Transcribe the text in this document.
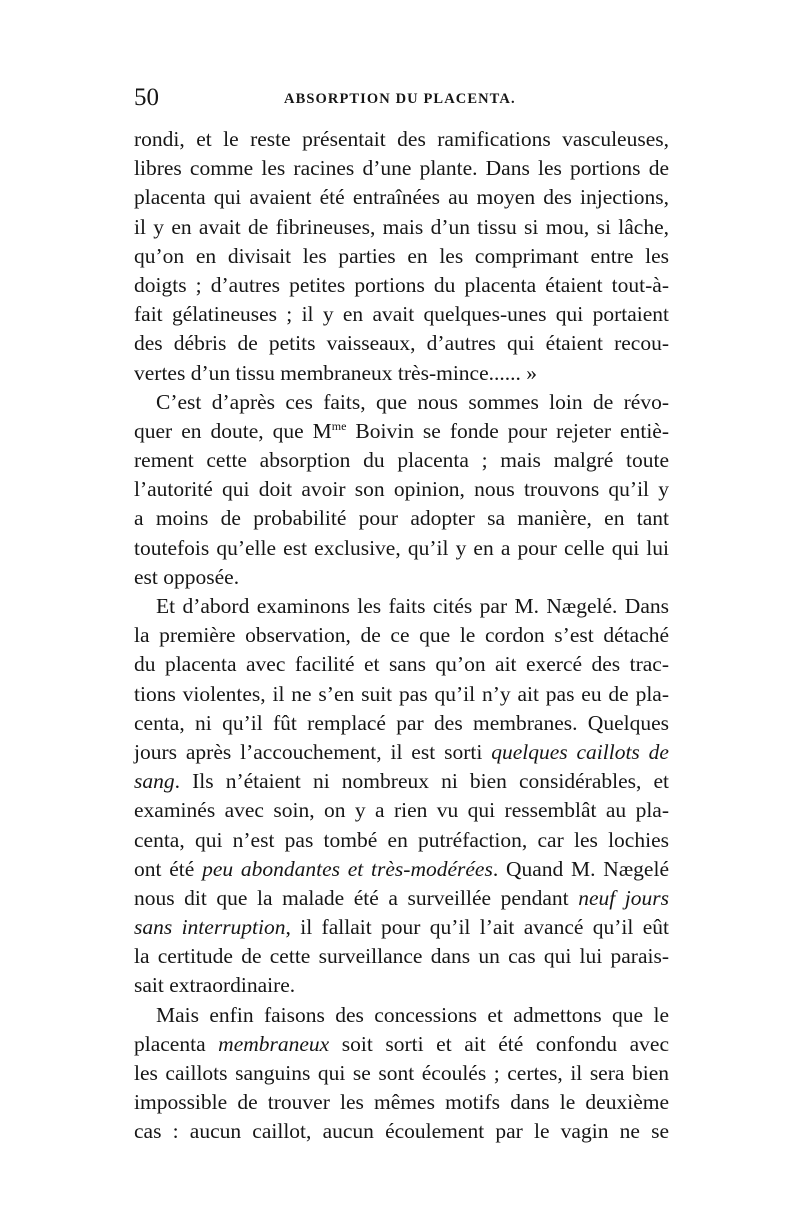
50	ABSORPTION DU PLACENTA.
rondi, et le reste présentait des ramifications vasculeuses,
libres comme les racines d’une plante. Dans les portions de
placenta qui avaient été entraînées au moyen des injections,
il y en avait de fibrineuses, mais d’un tissu si mou, si lâche,
qu’on en divisait les parties en les comprimant entre les
doigts ; d’autres petites portions du placenta étaient tout-à-
fait gélatineuses ; il y en avait quelques-unes qui portaient
des débris de petits vaisseaux, d’autres qui étaient recou-
vertes d’un tissu membraneux très-mince...... »
C’est d’après ces faits, que nous sommes loin de révo-
quer en doute, que $M^{me}$ Boivin se fonde pour rejeter entiè-
rement cette absorption du placenta ; mais malgré toute
l’autorité qui doit avoir son opinion, nous trouvons qu’il y
a moins de probabilité pour adopter sa manière, en tant
toutefois qu’elle est exclusive, qu’il y en a pour celle qui lui
est opposée.
Et d’abord examinons les faits cités par M. Nægelé. Dans
la première observation, de ce que le cordon s’est détaché
du placenta avec facilité et sans qu’on ait exercé des trac-
tions violentes, il ne s’en suit pas qu’il n’y ait pas eu de pla-
centa, ni qu’il fût remplacé par des membranes. Quelques
jours après l’accouchement, il est sorti quelques caillots de
sang. Ils n’étaient ni nombreux ni bien considérables, et
examinés avec soin, on y a rien vu qui ressemblât au pla-
centa, qui n’est pas tombé en putréfaction, car les lochies
ont été peu abondantes et très-modérées. Quand M. Nægelé
nous dit que la malade été a surveillée pendant neuf jours
sans interruption, il fallait pour qu’il l’ait avancé qu’il eût
la certitude de cette surveillance dans un cas qui lui parais-
sait extraordinaire.
Mais enfin faisons des concessions et admettons que le
placenta membraneux soit sorti et ait été confondu avec
les caillots sanguins qui se sont écoulés ; certes, il sera bien
impossible de trouver les mêmes motifs dans le deuxième
cas : aucun caillot, aucun écoulement par le vagin ne se
